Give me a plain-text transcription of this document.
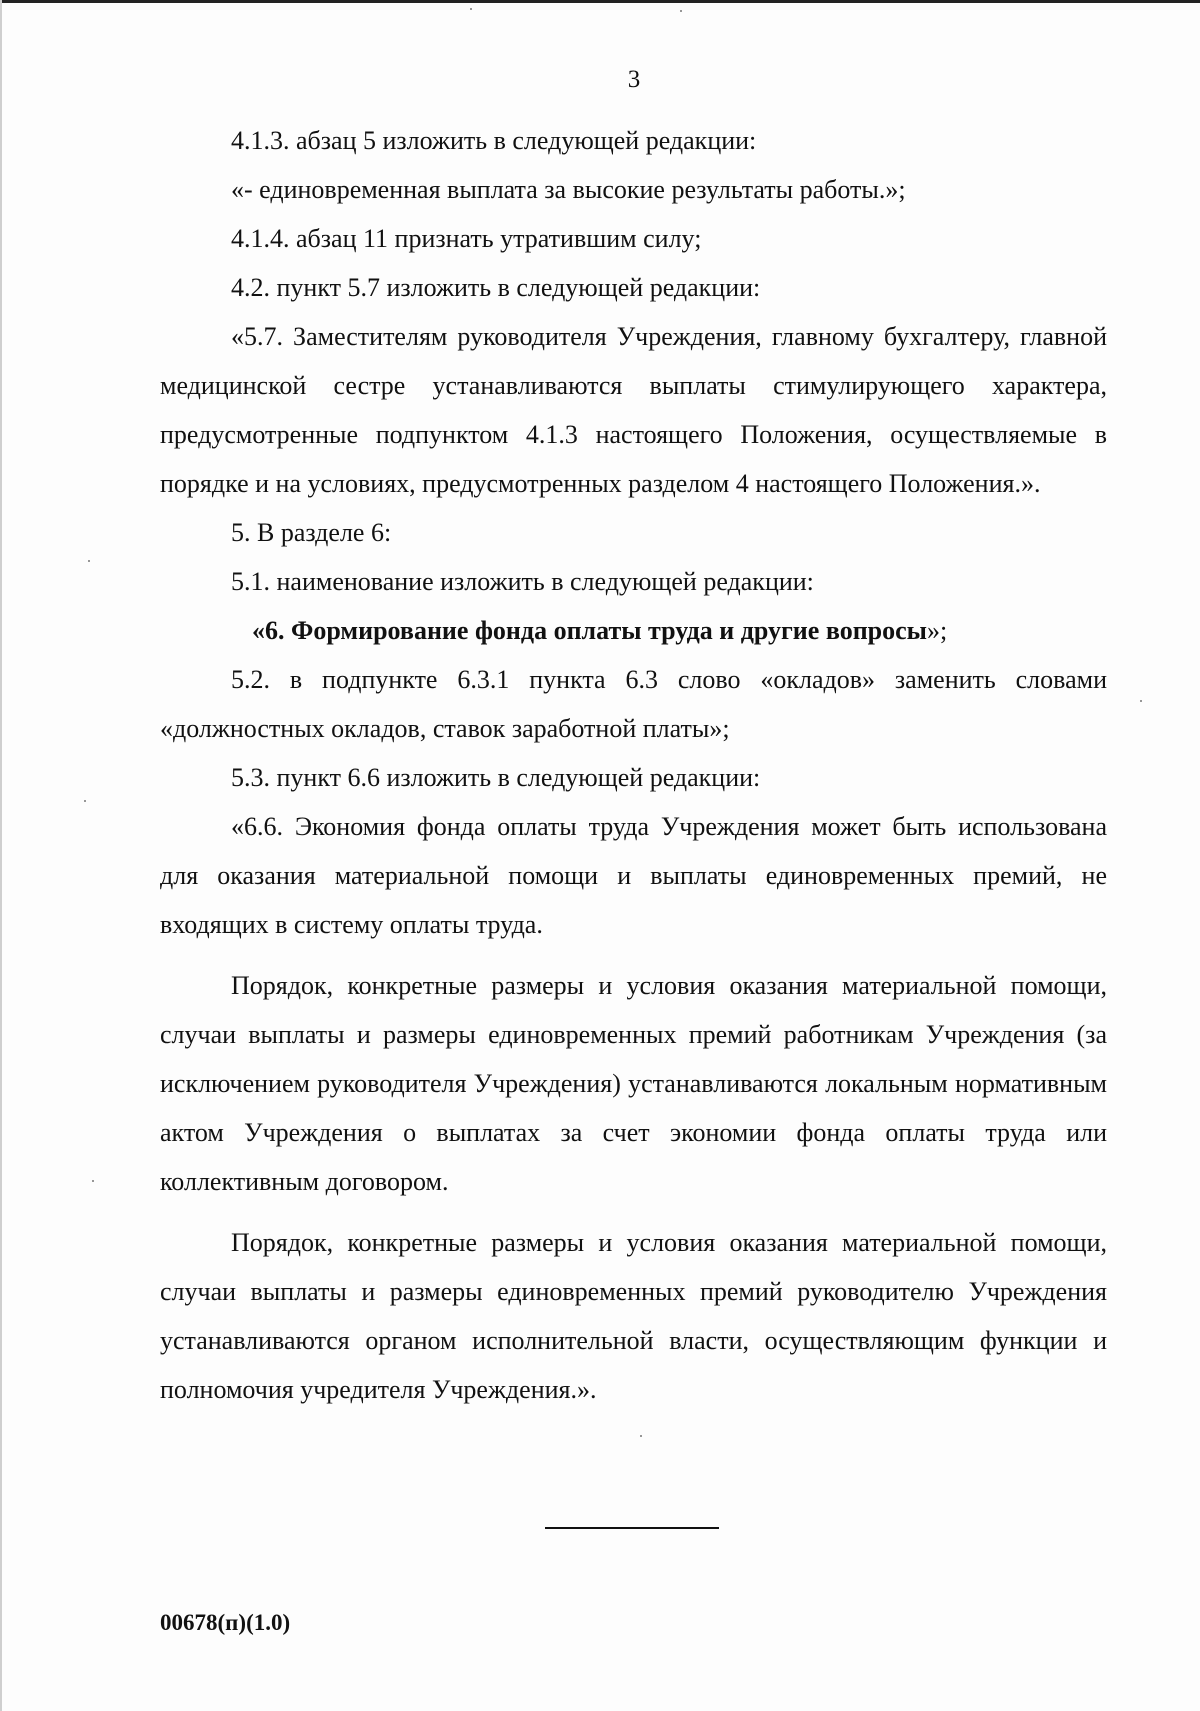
3

4.1.3. абзац 5 изложить в следующей редакции:

«- единовременная выплата за высокие результаты работы.»;

4.1.4. абзац 11 признать утратившим силу;

4.2. пункт 5.7 изложить в следующей редакции:

«5.7. Заместителям руководителя Учреждения, главному бухгалтеру, главной медицинской сестре устанавливаются выплаты стимулирующего характера, предусмотренные подпунктом 4.1.3 настоящего Положения, осуществляемые в порядке и на условиях, предусмотренных разделом 4 настоящего Положения.».

5. В разделе 6:

5.1. наименование изложить в следующей редакции:

«6. Формирование фонда оплаты труда и другие вопросы»;

5.2. в подпункте 6.3.1 пункта 6.3 слово «окладов» заменить словами «должностных окладов, ставок заработной платы»;

5.3. пункт 6.6 изложить в следующей редакции:

«6.6. Экономия фонда оплаты труда Учреждения может быть использована для оказания материальной помощи и выплаты единовременных премий, не входящих в систему оплаты труда.

Порядок, конкретные размеры и условия оказания материальной помощи, случаи выплаты и размеры единовременных премий работникам Учреждения (за исключением руководителя Учреждения) устанавливаются локальным нормативным актом Учреждения о выплатах за счет экономии фонда оплаты труда или коллективным договором.

Порядок, конкретные размеры и условия оказания материальной помощи, случаи выплаты и размеры единовременных премий руководителю Учреждения устанавливаются органом исполнительной власти, осуществляющим функции и полномочия учредителя Учреждения.».

00678(п)(1.0)
